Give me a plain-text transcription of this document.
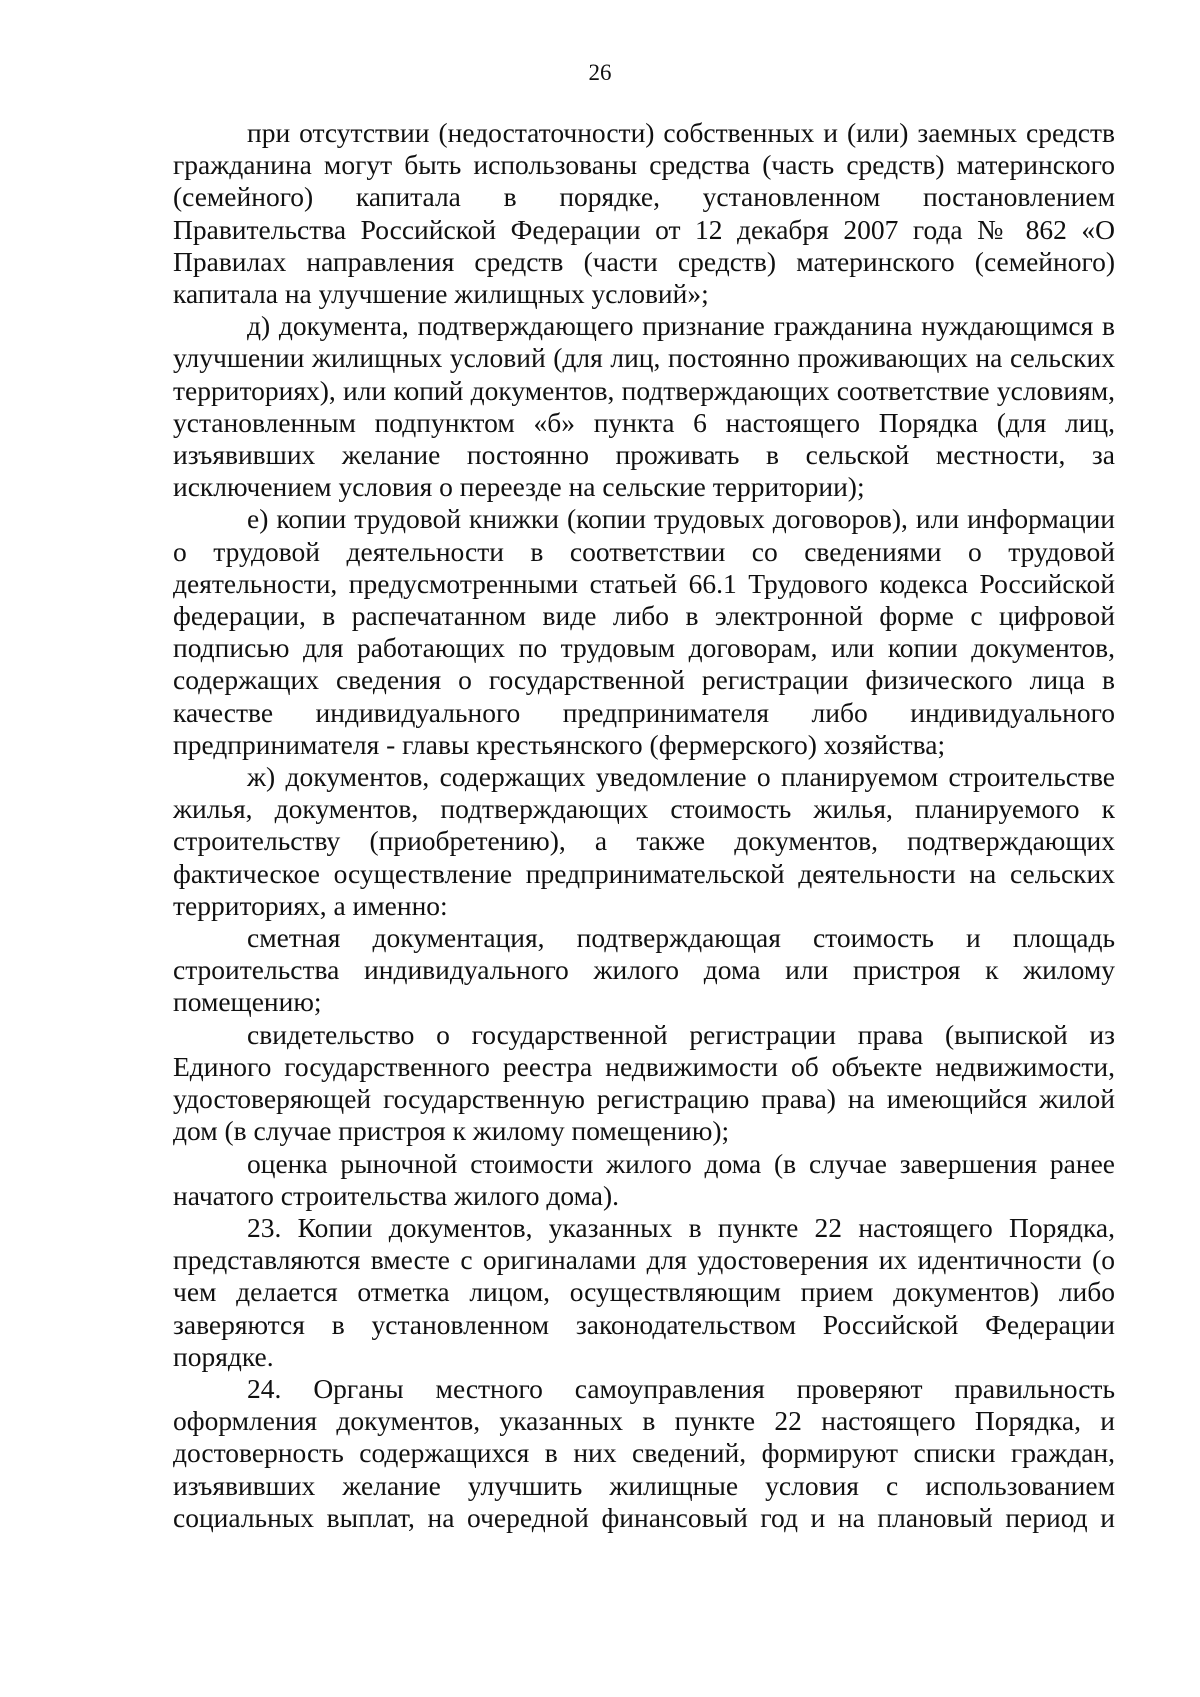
26

при отсутствии (недостаточности) собственных и (или) заемных средств гражданина могут быть использованы средства (часть средств) материнского (семейного) капитала в порядке, установленном постановлением Правительства Российской Федерации от 12 декабря 2007 года № 862 «О Правилах направления средств (части средств) материнского (семейного) капитала на улучшение жилищных условий»;

д) документа, подтверждающего признание гражданина нуждающимся в улучшении жилищных условий (для лиц, постоянно проживающих на сельских территориях), или копий документов, подтверждающих соответствие условиям, установленным подпунктом «б» пункта 6 настоящего Порядка (для лиц, изъявивших желание постоянно проживать в сельской местности, за исключением условия о переезде на сельские территории);

е) копии трудовой книжки (копии трудовых договоров), или информации о трудовой деятельности в соответствии со сведениями о трудовой деятельности, предусмотренными статьей 66.1 Трудового кодекса Российской федерации, в распечатанном виде либо в электронной форме с цифровой подписью для работающих по трудовым договорам, или копии документов, содержащих сведения о государственной регистрации физического лица в качестве индивидуального предпринимателя либо индивидуального предпринимателя - главы крестьянского (фермерского) хозяйства;

ж) документов, содержащих уведомление о планируемом строительстве жилья, документов, подтверждающих стоимость жилья, планируемого к строительству (приобретению), а также документов, подтверждающих фактическое осуществление предпринимательской деятельности на сельских территориях, а именно:

сметная документация, подтверждающая стоимость и площадь строительства индивидуального жилого дома или пристроя к жилому помещению;

свидетельство о государственной регистрации права (выпиской из Единого государственного реестра недвижимости об объекте недвижимости, удостоверяющей государственную регистрацию права) на имеющийся жилой дом (в случае пристроя к жилому помещению);

оценка рыночной стоимости жилого дома (в случае завершения ранее начатого строительства жилого дома).

23. Копии документов, указанных в пункте 22 настоящего Порядка, представляются вместе с оригиналами для удостоверения их идентичности (о чем делается отметка лицом, осуществляющим прием документов) либо заверяются в установленном законодательством Российской Федерации порядке.

24. Органы местного самоуправления проверяют правильность оформления документов, указанных в пункте 22 настоящего Порядка, и достоверность содержащихся в них сведений, формируют списки граждан, изъявивших желание улучшить жилищные условия с использованием социальных выплат, на очередной финансовый год и на плановый период и
